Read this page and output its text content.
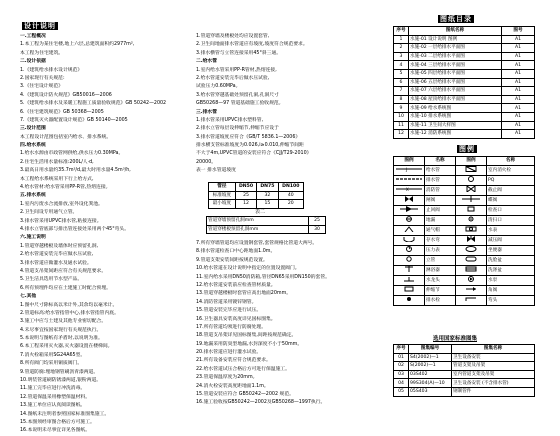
设计说明
一.工程概况
1.本工程为某住宅楼,地上六层,总建筑面积约2977m²,
本工程为住宅建筑。
二.设计依据
1.《建筑给水排水设计规范》
2.国家现行有关规范:
3.《住宅设计规范》
4.《建筑设计防火规范》GB50016—2006
5.《建筑给水排水及采暖工程施工质量验收规范》GB 50242—2002
6.《住宅建筑规范》GB 50368—2005
7.《建筑灭火器配置设计规范》GB 50140—2005
三.设计范围
本工程设计范围包括室内给水、排水系统。
四.给水系统
1.给水水源由市政管网供给,供水压力0.30MPa。
2.住宅生活用水量标准:200L/人·d,
3.最高日用水量约35.7m³/d,最大时用水量4.5m³/h,
本工程给水系统采用下行上给方式,
4.给水管材:给水管采用PP-R管,热熔连接。
五.排水系统
1.室内污废水合流排放,室外设化粪池。
2.卫生间设专用通气立管。
3.排水管采用UPVC排水管,粘接连接。
4.排水立管底部与排出管连接处采用两个45°弯头。
六.施工说明
1.管道穿越楼板及墙体时应预留孔洞,
2.给水管道安装完毕应做水压试验,
3.排水管道应做灌水及通水试验。
4.管道支吊架间距应符合有关规范要求。
5.卫生洁具选用节水型产品。
6.所有预埋件均应在土建施工时配合预埋。
七.其他
1.图中尺寸除标高以米计外,其余均以毫米计。
2.管道标高:给水管指管中心,排水管指管内底。
3.施工中应与土建及其他专业密切配合。
4.未尽事宜按国家现行有关规范执行。
5.本说明与图纸有矛盾时,以说明为准。
6.本工程采用灭火器,灭火器设置在楼梯间。
7.消火栓箱采用SG24A65型。
8.所有阀门均采用铜质阀门。
9.管道防腐:埋地钢管刷沥青漆两道。
10.明装管道刷防锈漆两道,银粉两道。
11.施工完毕应进行冲洗消毒。
12.管道保温采用橡塑保温材料。
13.施工单位应认真阅读图纸。
14.图纸未注明者参照国家标准图集施工。
15.本图须经审图合格后方可施工。
16.本说明未尽事宜详见各图纸。
1.管道穿墙及楼板处均应设置套管,
2.卫生间地面排水管道应有坡度,坡度符合规范要求。
3.排水横管与立管连接采用45°斜三通。
二.给水管
1.室内给水管采用PP-R管材,热熔连接,
2.给水管道安装完毕后做水压试验,
试验压力0.60MPa。
3.给水管穿越基础处预留孔洞,孔洞尺寸
GB50268—97 管道基础施工验收规范。
三.排水管
1.排水管采用UPVC排水塑料管,
2.排水立管每层设伸缩节,伸缩节应设于
3.排水管道坡度应符合《GB/T 5836.1—2006》
排水横支管标准坡度为0.026,i≥0.010,伸缩节间距
不大于4m,UPVC管道的安装应符合《CJJ/T29-2010》
20000。
表一 排水管道坡度
管径	DN50	DN75	DN100
标准坡度	25	32	40
最小坡度	12	15	20
表二
管道穿墙预留孔洞mm	25
管道穿楼板预留孔洞mm	30
7.所有穿墙管道均应设置钢套管,套管规格比管道大两号。
8.排水管道检查口中心距地面1.0m。
9.管道支架安装间距按规范设置。
10.给水管道在设计说明中指定的位置设置阀门。
11.室内给水采用DN50消防箱,管径DN65采用DN150的套管。
12.给水管道安装前应检查管材质量。
13.管道穿越楼板时套管应高出地面20mm。
14.消防管道采用镀锌钢管。
15.管道安装完毕应进行试压。
16.卫生器具安装高度详见国标图集。
17.所有管道均须进行防腐处理。
18.管道支吊架详见国标图集,间距按规范确定。
19.地漏采用防臭型地漏,水封深度不小于50mm。
20.排水管道应进行灌水试验。
21.所有设备安装应符合规范要求。
22.给水管道试压合格后方可进行保温施工。
23.管道保温厚度为20mm。
24.消火栓安装高度距地面1.1m。
15.管道安装应符合 GB50242—2002 规范。
16.施工验收按GB50242—2002及GB50268—1997执行。
图纸目录
序号	图纸名称	图号
1	水施-01 设计说明 图例	A1
2	水施-02 一层给排水平面图	A1
3	水施-03 二层给排水平面图	A1
4	水施-04 三层给排水平面图	A1
5	水施-05 四层给排水平面图	A1
6	水施-06 五层给排水平面图	A1
7	水施-07 六层给排水平面图	A1
8	水施-08 屋顶给排水平面图	A1
9	水施-09 给水系统图	A1
10	水施-10 排水系统图	A1
11	水施-11 卫生间大样图	A1
12	水施-12 消防系统图	A1
图例
图例	名称	图例	名称

J	给水管		室内消火栓
	排水管		PQ

X	消防管		截止阀
	闸阀		蝶阀
	止回阀		检查口
	地漏		清扫口
	通气帽		水表
	存水弯		减压阀
	压力表		坐便器
	立管		洗脸盆
	淋浴器		洗涤盆
	水龙头		水泵
	伸缩节		角阀
	排水栓		弯头
选用国家标准图集
序号	图集编号	图集名称
01	S4(2002)—1	卫生设备安装
02	S(2002)—1	管道支架及吊架
03	03S402	室内管道支架及吊架
04	99S304(A)—10	卫生设备安装 (不含排水管)
05	05S403	钢制管件
